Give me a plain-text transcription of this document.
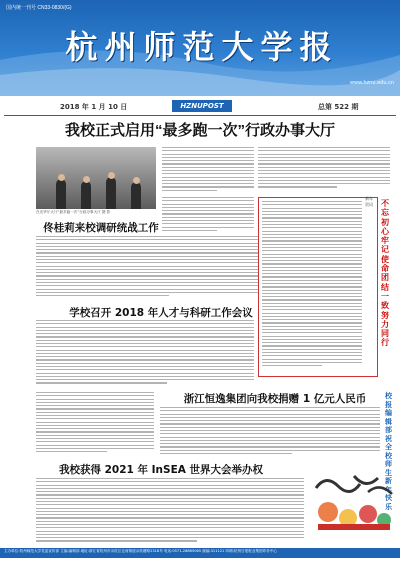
国内统一刊号 CN33-0830/(G)
杭州师范大学报
www.hznu.edu.cn
2018 年 1 月 10 日	HZNUPOST	总第 522 期
我校正式启用“最多跑一次”行政办事大厅
在光华厅大厅“最多跑一次”行政办事大厅 摄 影
佟桂莉来校调研统战工作
新年贺词	不忘初心 牢记使命 团结一致 努力同行
学校召开 2018 年人才与科研工作会议
浙江恒逸集团向我校捐赠 1 亿元人民币	校报编辑部祝全校师生新年快乐
我校获得 2021 年 InSEA 世界大会举办权
主办单位:杭州师范大学党委宣传部 主编:编辑部 地址:浙江省杭州市余杭区仓前街道余杭塘路2318号 电话:0571-28865065 邮编:311121 印刷:杭州日报报业集团印务中心
